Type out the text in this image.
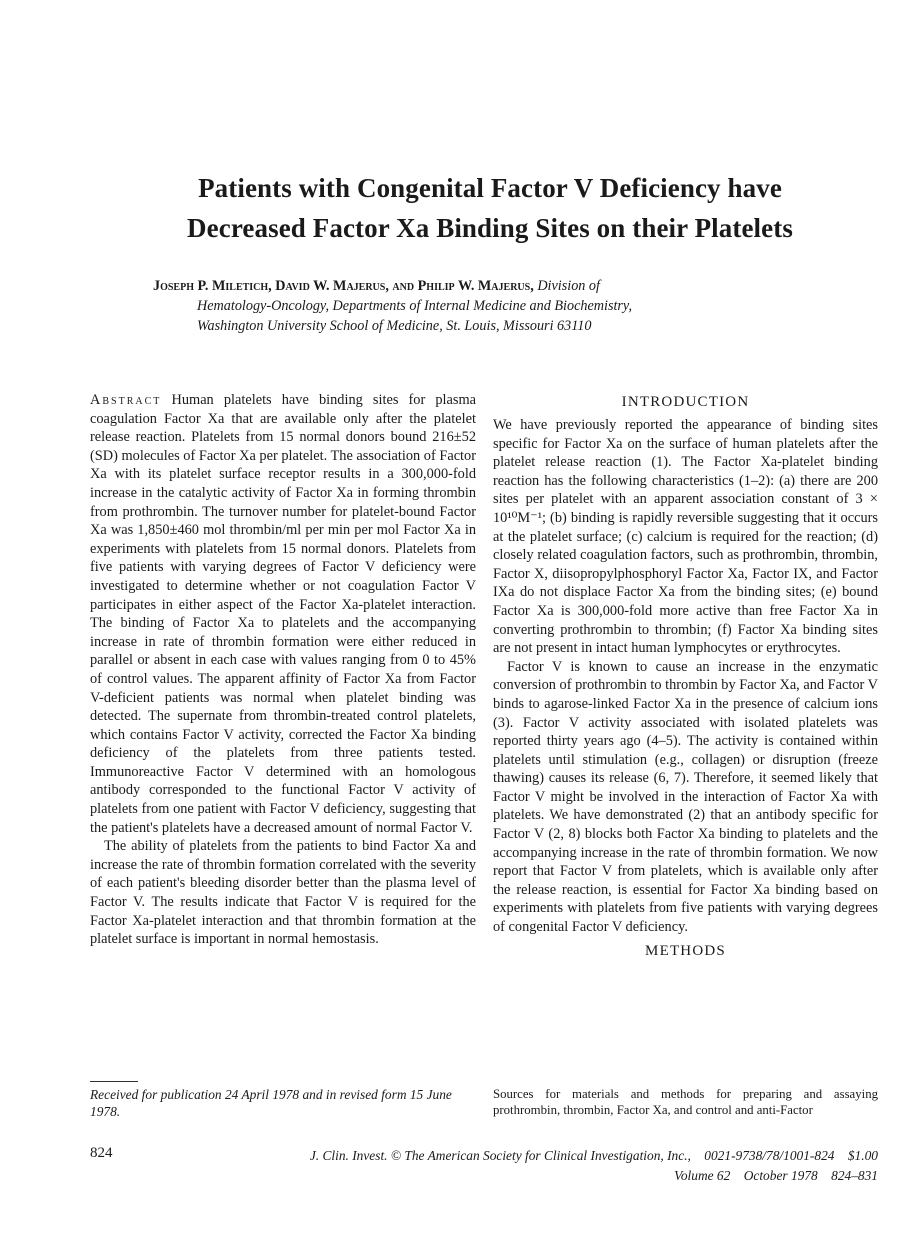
Patients with Congenital Factor V Deficiency have
Decreased Factor Xa Binding Sites on their Platelets
Joseph P. Miletich, David W. Majerus, and Philip W. Majerus, Division of
Hematology-Oncology, Departments of Internal Medicine and Biochemistry,
Washington University School of Medicine, St. Louis, Missouri 63110

Abstract Human platelets have binding sites for plasma coagulation Factor Xa that are available only after the platelet release reaction. Platelets from 15 normal donors bound 216±52 (SD) molecules of Factor Xa per platelet. The association of Factor Xa with its platelet surface receptor results in a 300,000-fold increase in the catalytic activity of Factor Xa in forming thrombin from prothrombin. The turnover number for platelet-bound Factor Xa was 1,850±460 mol thrombin/ml per min per mol Factor Xa in experiments with platelets from 15 normal donors. Platelets from five patients with varying degrees of Factor V deficiency were investigated to determine whether or not coagulation Factor V participates in either aspect of the Factor Xa-platelet interaction. The binding of Factor Xa to platelets and the accompanying increase in rate of thrombin formation were either reduced in parallel or absent in each case with values ranging from 0 to 45% of control values. The apparent affinity of Factor Xa from Factor V-deficient patients was normal when platelet binding was detected. The supernate from thrombin-treated control platelets, which contains Factor V activity, corrected the Factor Xa binding deficiency of the platelets from three patients tested. Immunoreactive Factor V determined with an homologous antibody corresponded to the functional Factor V activity of platelets from one patient with Factor V deficiency, suggesting that the patient's platelets have a decreased amount of normal Factor V.

The ability of platelets from the patients to bind Factor Xa and increase the rate of thrombin formation correlated with the severity of each patient's bleeding disorder better than the plasma level of Factor V. The results indicate that Factor V is required for the Factor Xa-platelet interaction and that thrombin formation at the platelet surface is important in normal hemostasis.

INTRODUCTION

We have previously reported the appearance of binding sites specific for Factor Xa on the surface of human platelets after the platelet release reaction (1). The Factor Xa-platelet binding reaction has the following characteristics (1–2): (a) there are 200 sites per platelet with an apparent association constant of 3 × 10¹⁰M⁻¹; (b) binding is rapidly reversible suggesting that it occurs at the platelet surface; (c) calcium is required for the reaction; (d) closely related coagulation factors, such as prothrombin, thrombin, Factor X, diisopropylphosphoryl Factor Xa, Factor IX, and Factor IXa do not displace Factor Xa from the binding sites; (e) bound Factor Xa is 300,000-fold more active than free Factor Xa in converting prothrombin to thrombin; (f) Factor Xa binding sites are not present in intact human lymphocytes or erythrocytes.

Factor V is known to cause an increase in the enzymatic conversion of prothrombin to thrombin by Factor Xa, and Factor V binds to agarose-linked Factor Xa in the presence of calcium ions (3). Factor V activity associated with isolated platelets was reported thirty years ago (4–5). The activity is contained within platelets until stimulation (e.g., collagen) or disruption (freeze thawing) causes its release (6, 7). Therefore, it seemed likely that Factor V might be involved in the interaction of Factor Xa with platelets. We have demonstrated (2) that an antibody specific for Factor V (2, 8) blocks both Factor Xa binding to platelets and the accompanying increase in the rate of thrombin formation. We now report that Factor V from platelets, which is available only after the release reaction, is essential for Factor Xa binding based on experiments with platelets from five patients with varying degrees of congenital Factor V deficiency.

METHODS
Received for publication 24 April 1978 and in revised form 15 June 1978.
Sources for materials and methods for preparing and assaying prothrombin, thrombin, Factor Xa, and control and anti-Factor
824	J. Clin. Invest. © The American Society for Clinical Investigation, Inc., 0021-9738/78/1001-824 $1.00
Volume 62 October 1978 824–831
